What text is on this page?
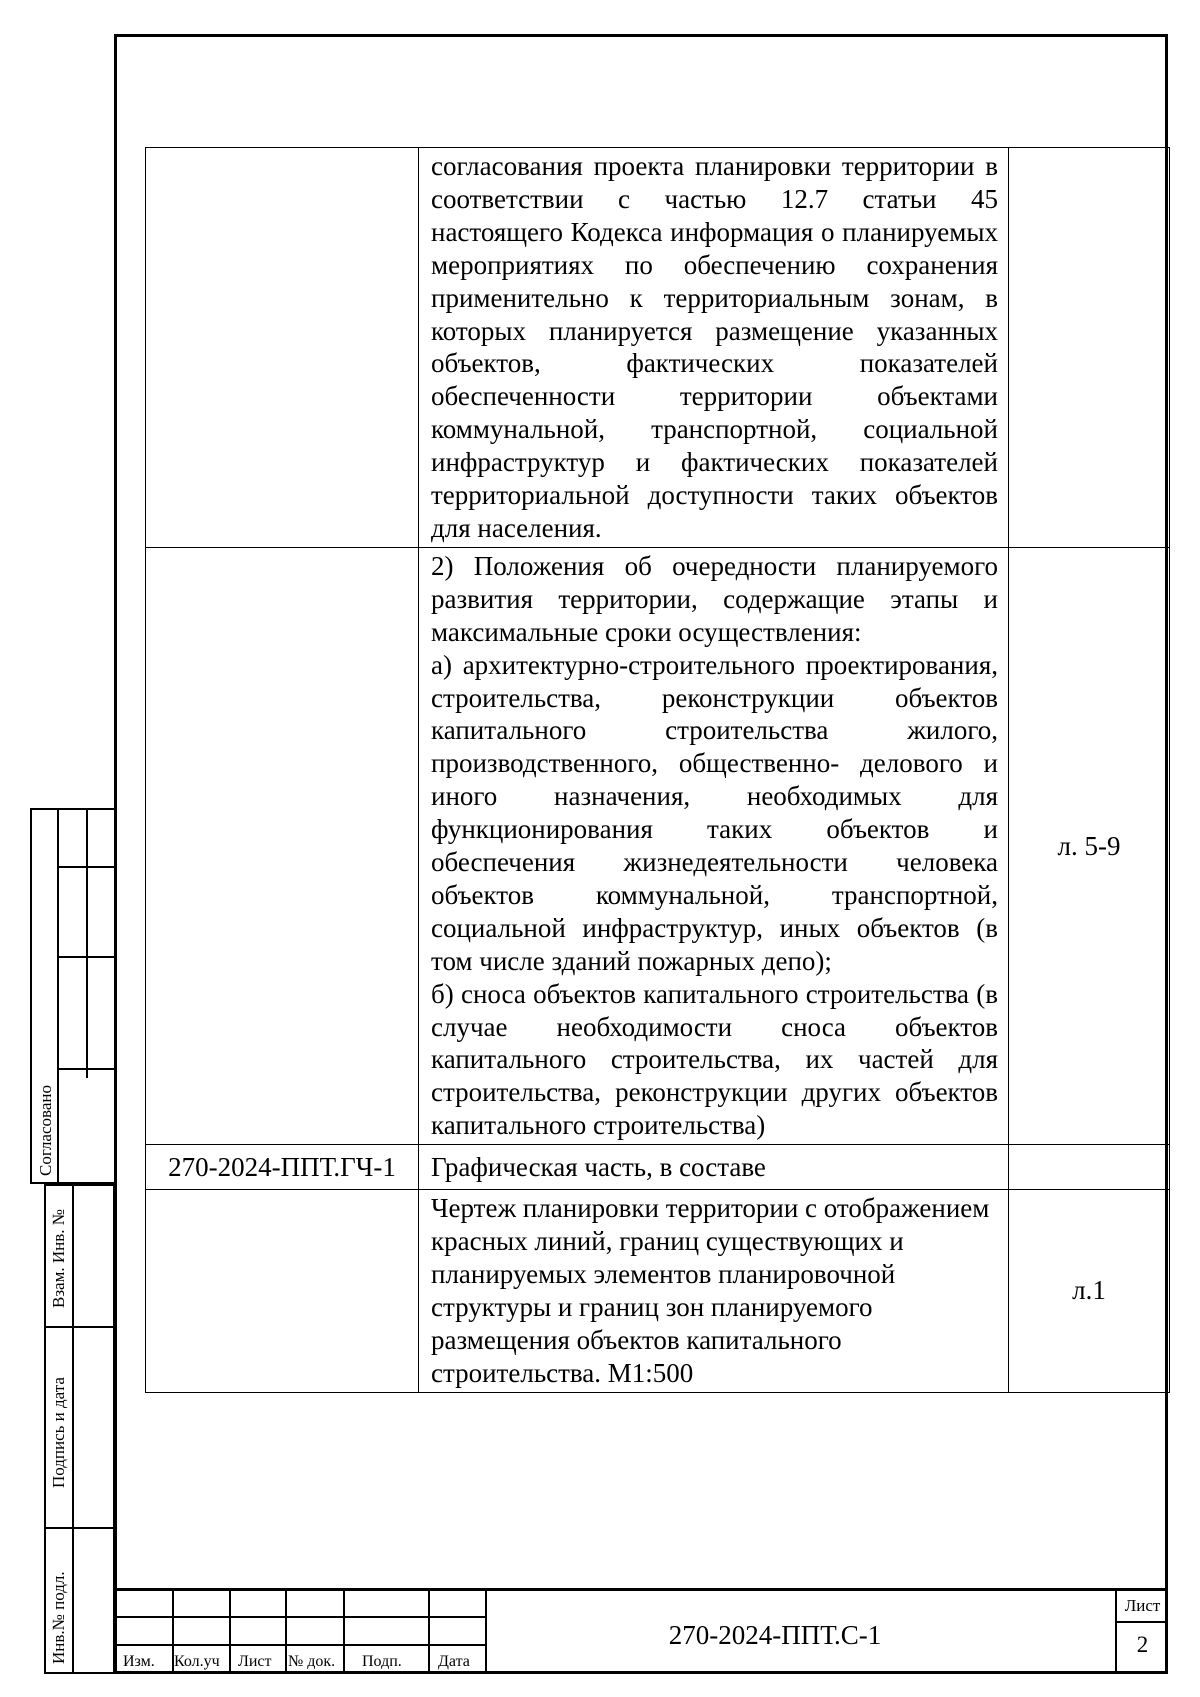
	согласования проекта планировки территории в соответствии с частью 12.7 статьи 45 настоящего Кодекса информация о планируемых мероприятиях по обеспечению сохранения применительно к территориальным зонам, в которых планируется размещение указанных объектов, фактических показателей обеспеченности территории объектами коммунальной, транспортной, социальной инфраструктур и фактических показателей территориальной доступности таких объектов для населения.	

	2) Положения об очередности планируемого развития территории, содержащие этапы и максимальные сроки осуществления:
а) архитектурно-строительного проектирования, строительства, реконструкции объектов капитального строительства жилого, производственного, общественно- делового и иного назначения, необходимых для функционирования таких объектов и обеспечения жизнедеятельности человека объектов коммунальной, транспортной, социальной инфраструктур, иных объектов (в том числе зданий пожарных депо);
б) сноса объектов капитального строительства (в случае необходимости сноса объектов капитального строительства, их частей для строительства, реконструкции других объектов капитального строительства)	л. 5-9
270-2024-ППТ.ГЧ-1	Графическая часть, в составе	
	Чертеж планировки территории с отображением красных линий, границ существующих и планируемых элементов планировочной структуры и границ зон планируемого размещения объектов капитального строительства. М1:500	л.1
Согласовано
Взам. Инв. №
Подпись и дата
Инв.№ подл.	Изм. Кол.уч Лист № док. Подп. Дата
270-2024-ППТ.С-1
Лист
2
